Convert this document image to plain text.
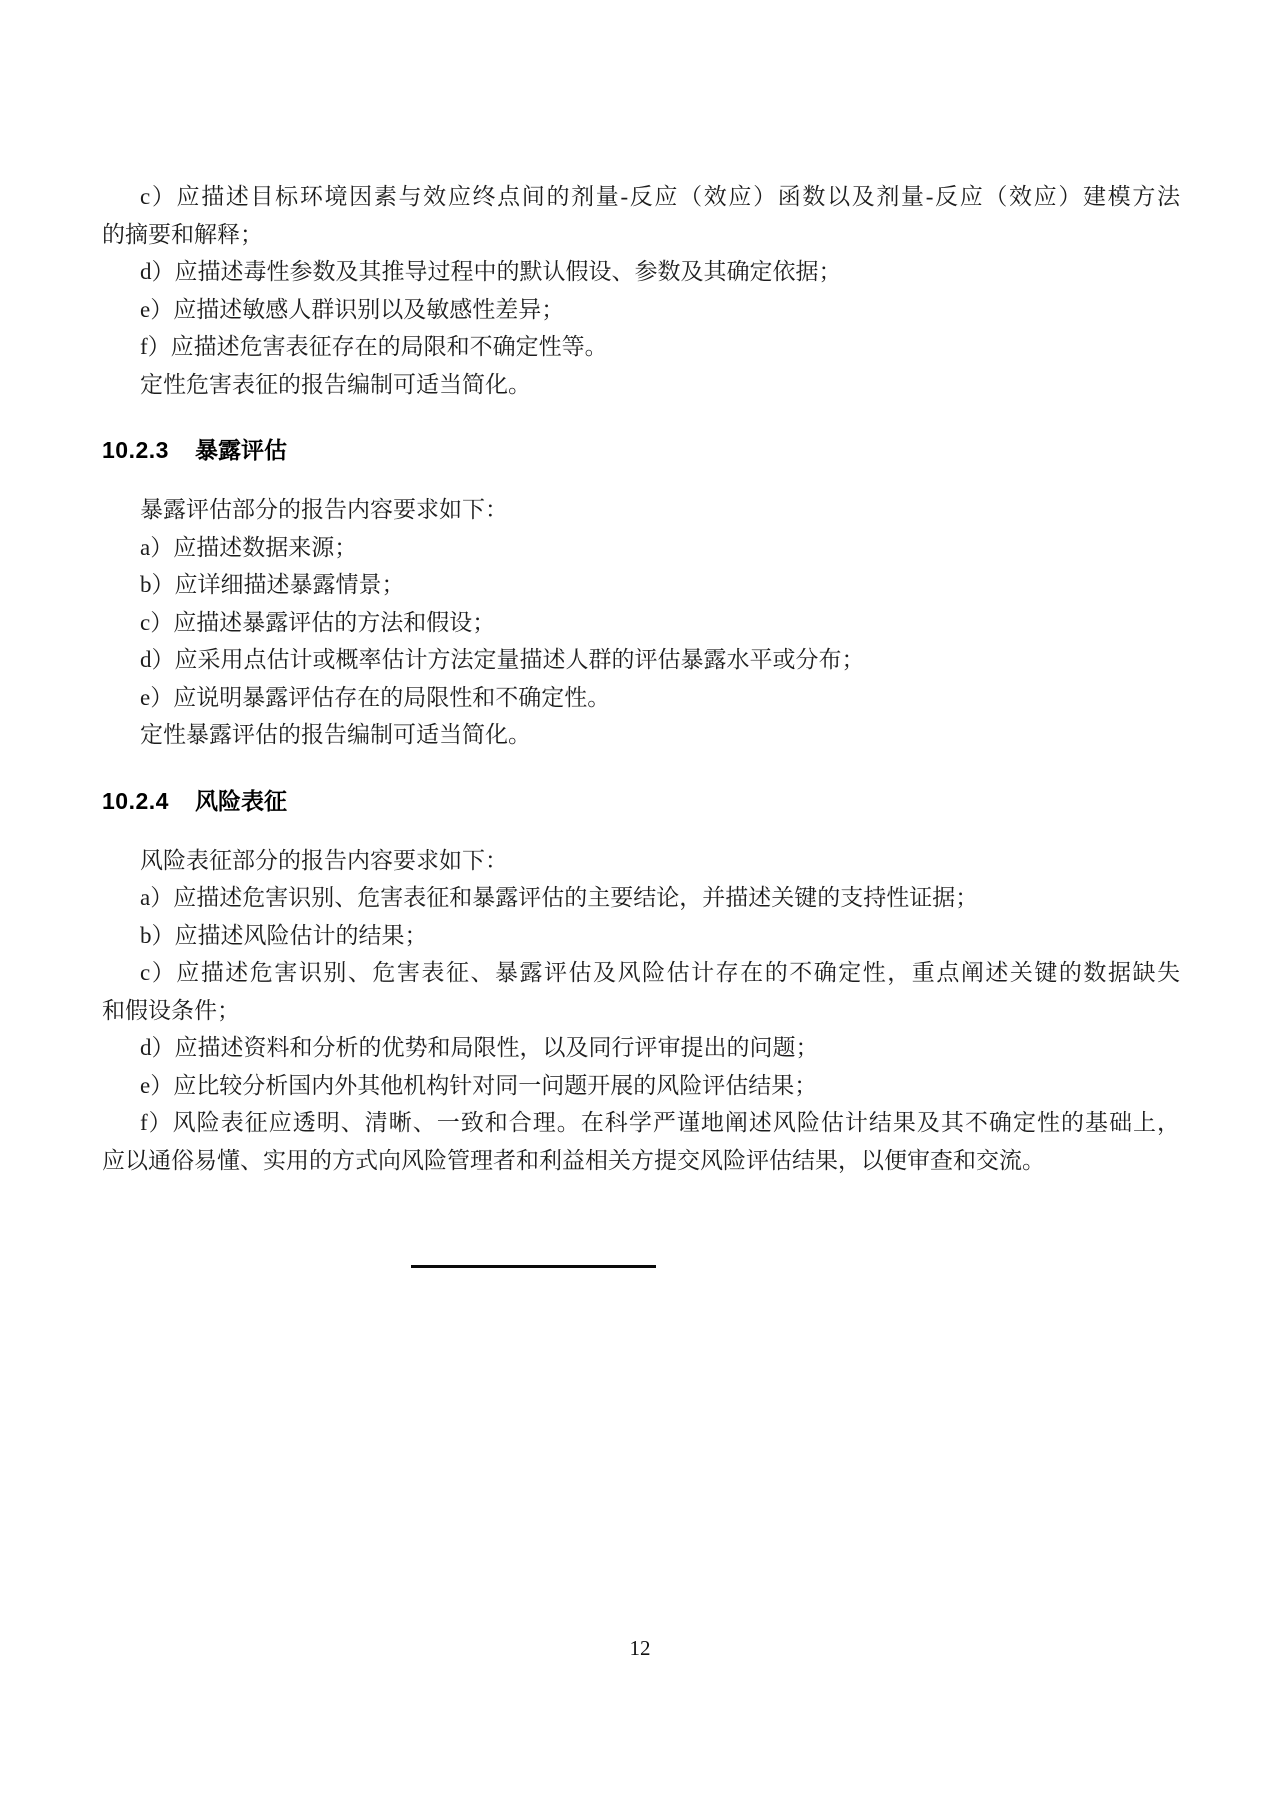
c）应描述目标环境因素与效应终点间的剂量-反应（效应）函数以及剂量-反应（效应）建模方法
的摘要和解释；
d）应描述毒性参数及其推导过程中的默认假设、参数及其确定依据；
e）应描述敏感人群识别以及敏感性差异；
f）应描述危害表征存在的局限和不确定性等。
定性危害表征的报告编制可适当简化。
10.2.3 暴露评估
暴露评估部分的报告内容要求如下：
a）应描述数据来源；
b）应详细描述暴露情景；
c）应描述暴露评估的方法和假设；
d）应采用点估计或概率估计方法定量描述人群的评估暴露水平或分布；
e）应说明暴露评估存在的局限性和不确定性。
定性暴露评估的报告编制可适当简化。
10.2.4 风险表征
风险表征部分的报告内容要求如下：
a）应描述危害识别、危害表征和暴露评估的主要结论，并描述关键的支持性证据；
b）应描述风险估计的结果；
c）应描述危害识别、危害表征、暴露评估及风险估计存在的不确定性，重点阐述关键的数据缺失
和假设条件；
d）应描述资料和分析的优势和局限性，以及同行评审提出的问题；
e）应比较分析国内外其他机构针对同一问题开展的风险评估结果；
f）风险表征应透明、清晰、一致和合理。在科学严谨地阐述风险估计结果及其不确定性的基础上，
应以通俗易懂、实用的方式向风险管理者和利益相关方提交风险评估结果，以便审查和交流。
12
